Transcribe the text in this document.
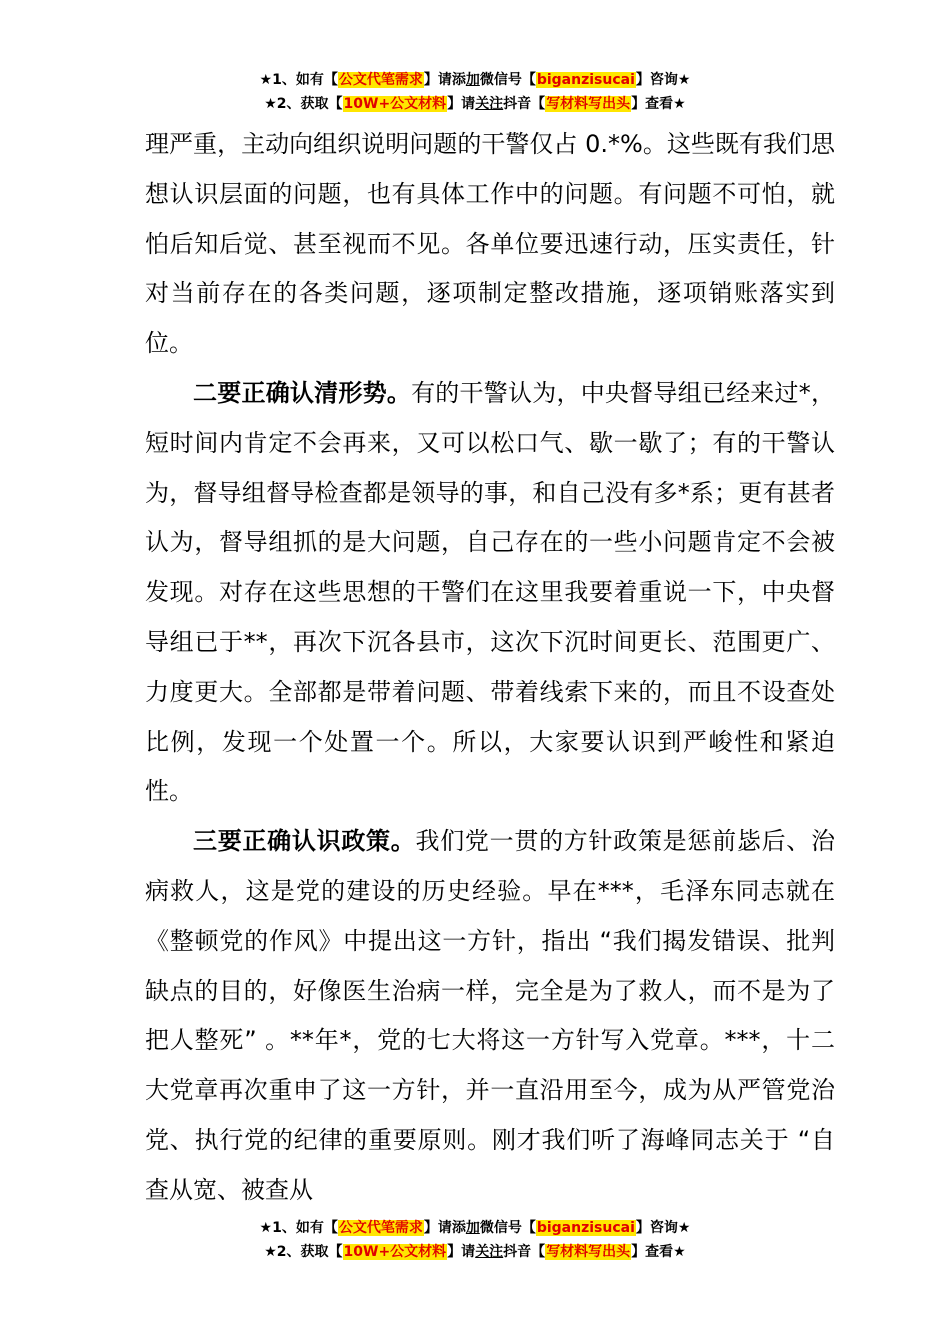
★1、如有【公文代笔需求】请添加微信号【biganzisucai】咨询★
★2、获取【10W+公文材料】请关注抖音【写材料写出头】查看★

理严重，主动向组织说明问题的干警仅占 0.*%。这些既有我们思想认识层面的问题，也有具体工作中的问题。有问题不可怕，就怕后知后觉、甚至视而不见。各单位要迅速行动，压实责任，针对当前存在的各类问题，逐项制定整改措施，逐项销账落实到位。

二要正确认清形势。有的干警认为，中央督导组已经来过*，短时间内肯定不会再来，又可以松口气、歇一歇了；有的干警认为，督导组督导检查都是领导的事，和自己没有多*系；更有甚者认为，督导组抓的是大问题，自己存在的一些小问题肯定不会被发现。对存在这些思想的干警们在这里我要着重说一下，中央督导组已于**，再次下沉各县市，这次下沉时间更长、范围更广、力度更大。全部都是带着问题、带着线索下来的，而且不设查处比例，发现一个处置一个。所以，大家要认识到严峻性和紧迫性。

三要正确认识政策。我们党一贯的方针政策是惩前毖后、治病救人，这是党的建设的历史经验。早在***，毛泽东同志就在《整顿党的作风》中提出这一方针，指出 “我们揭发错误、批判缺点的目的，好像医生治病一样，完全是为了救人，而不是为了把人整死” 。**年*，党的七大将这一方针写入党章。***，十二大党章再次重申了这一方针，并一直沿用至今，成为从严管党治党、执行党的纪律的重要原则。刚才我们听了海峰同志关于 “自查从宽、被查从

★1、如有【公文代笔需求】请添加微信号【biganzisucai】咨询★
★2、获取【10W+公文材料】请关注抖音【写材料写出头】查看★
